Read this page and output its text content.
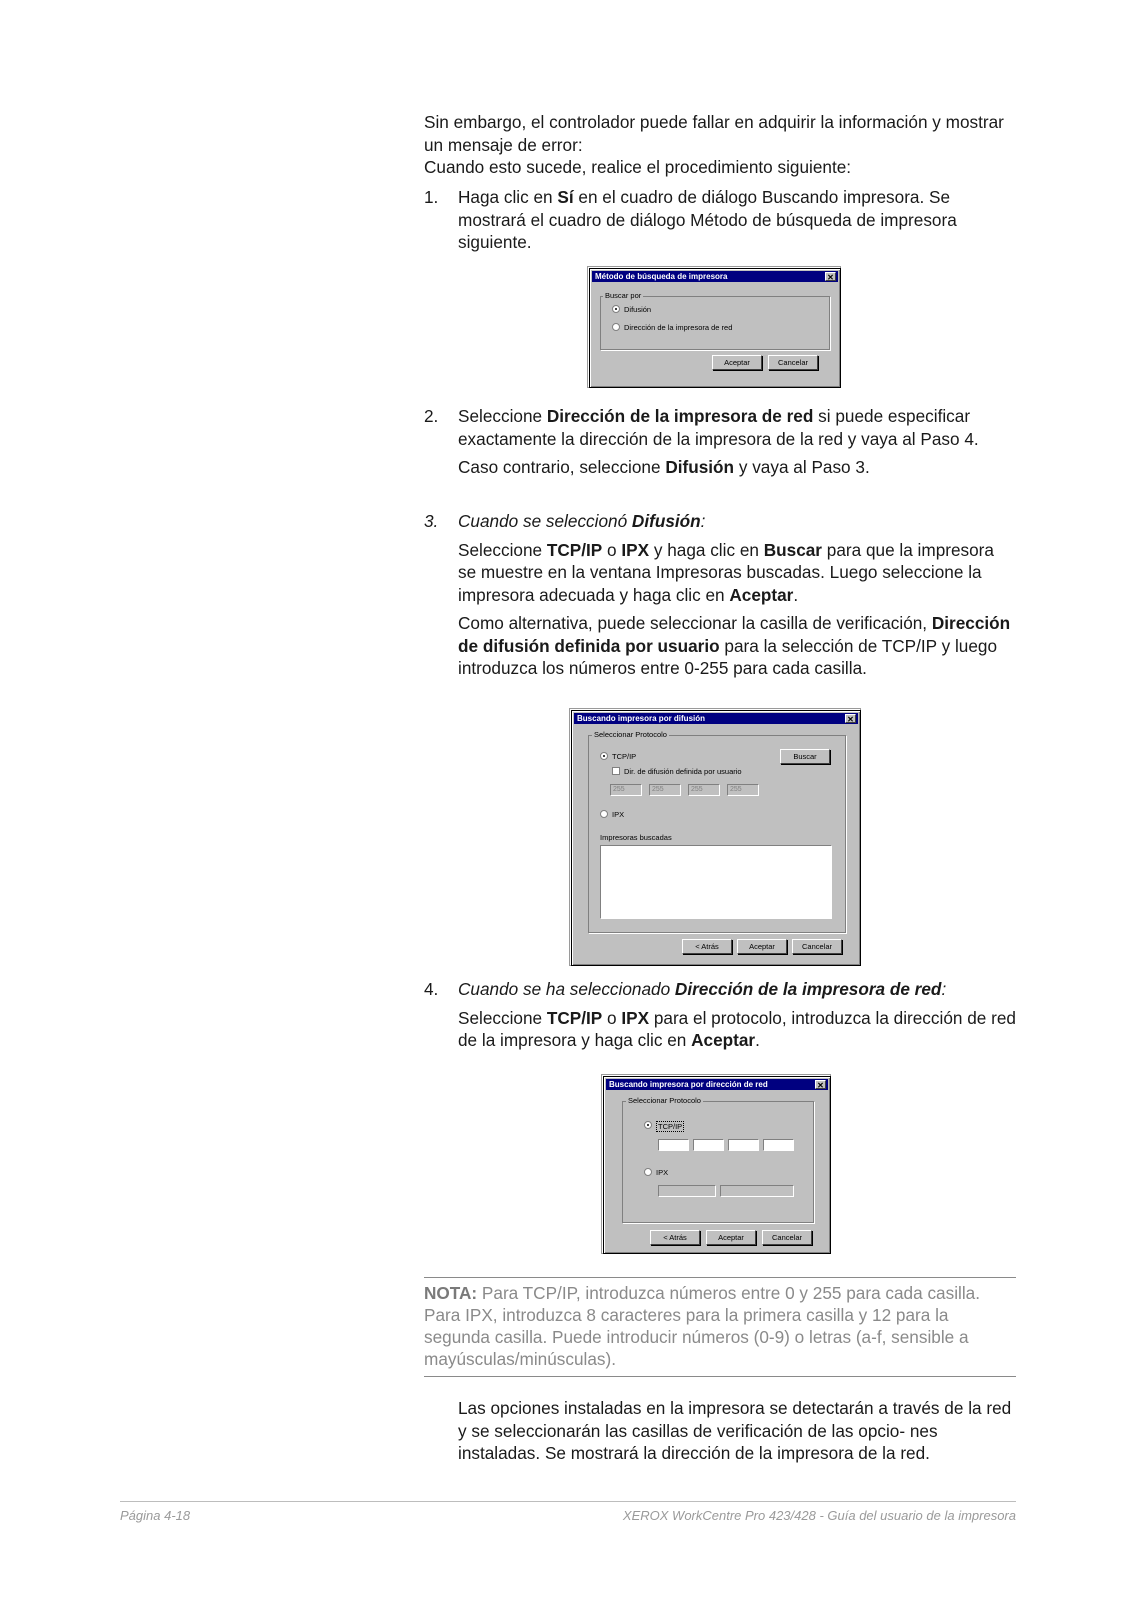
Sin embargo, el controlador puede fallar en adquirir la información y mostrar un mensaje de error:

Cuando esto sucede, realice el procedimiento siguiente:

1.	Haga clic en Sí en el cuadro de diálogo Buscando impresora. Se mostrará el cuadro de diálogo Método de búsqueda de impresora siguiente.
Método de búsqueda de impresora	✕
Buscar por
Difusión
Dirección de la impresora de red
Aceptar	Cancelar
2.	Seleccione Dirección de la impresora de red si puede especificar exactamente la dirección de la impresora de la red y vaya al Paso 4.
Caso contrario, seleccione Difusión y vaya al Paso 3.
3.	Cuando se seleccionó Difusión:
Seleccione TCP/IP o IPX y haga clic en Buscar para que la impresora se muestre en la ventana Impresoras buscadas. Luego seleccione la impresora adecuada y haga clic en Aceptar.
Como alternativa, puede seleccionar la casilla de verificación, Dirección de difusión definida por usuario para la selección de TCP/IP y luego introduzca los números entre 0-255 para cada casilla.
Buscando impresora por difusión	✕
Seleccionar Protocolo
TCP/IP	Buscar
Dir. de difusión definida por usuario
255	255	255	255
IPX
Impresoras buscadas
< Atrás	Aceptar	Cancelar
4.	Cuando se ha seleccionado Dirección de la impresora de red:
Seleccione TCP/IP o IPX para el protocolo, introduzca la dirección de red de la impresora y haga clic en Aceptar.
Buscando impresora por dirección de red	✕
Seleccionar Protocolo
TCP/IP
IPX
< Atrás	Aceptar	Cancelar
NOTA: Para TCP/IP, introduzca números entre 0 y 255 para cada casilla. Para IPX, introduzca 8 caracteres para la primera casilla y 12 para la segunda casilla. Puede introducir números (0-9) o letras (a-f, sensible a mayúsculas/minúsculas).

Las opciones instaladas en la impresora se detectarán a través de la red y se seleccionarán las casillas de verificación de las opcio- nes instaladas. Se mostrará la dirección de la impresora de la red.

Página 4-18	XEROX WorkCentre Pro 423/428 - Guía del usuario de la impresora
